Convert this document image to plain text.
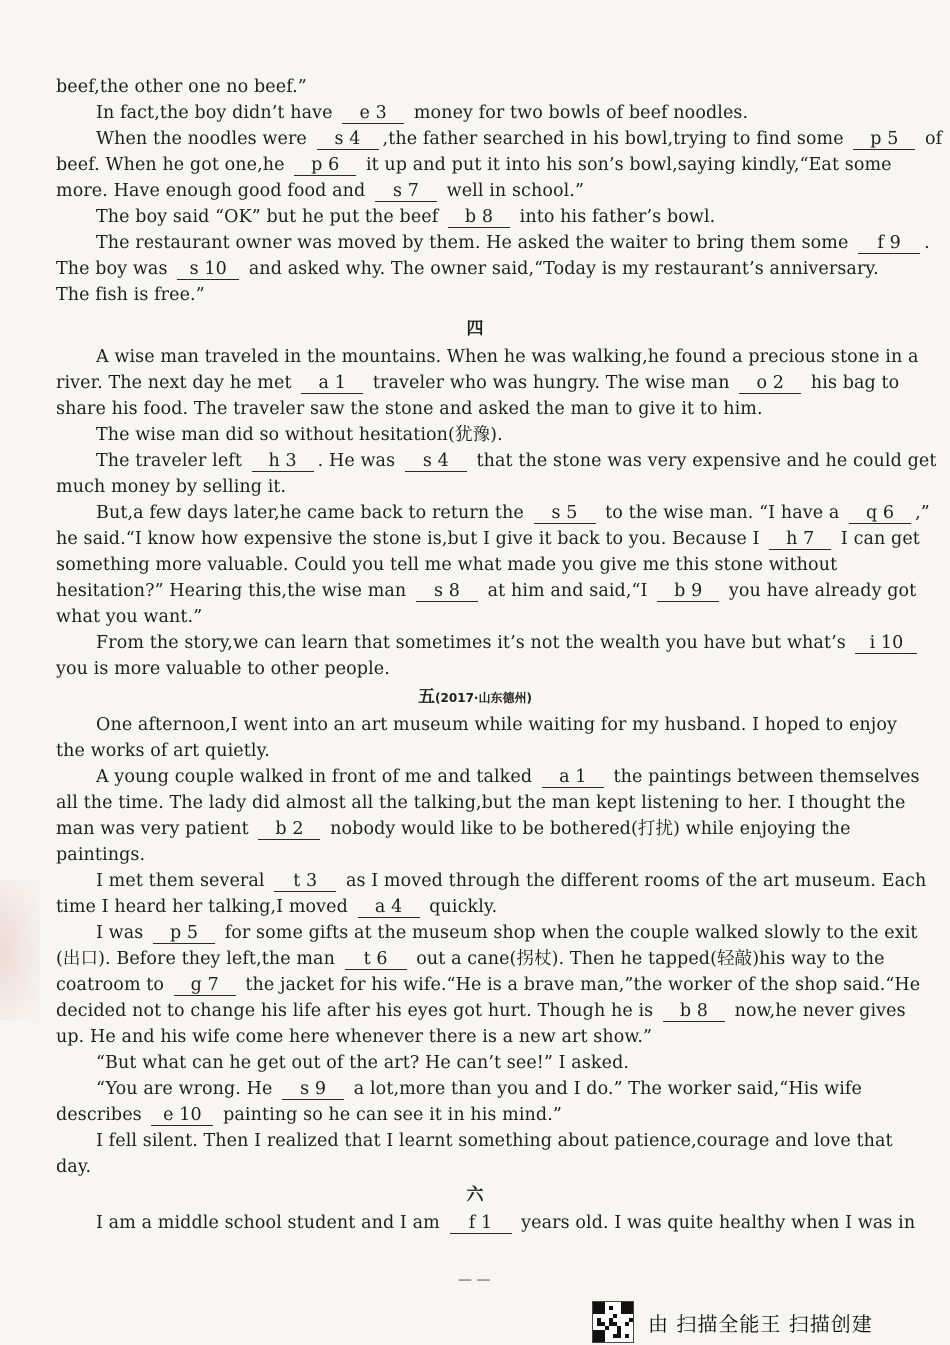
beef,the other one no beef.”
In fact,the boy didn’t have e 3 money for two bowls of beef noodles.
When the noodles were s 4 ,the father searched in his bowl,trying to find some p 5 of
beef. When he got one,he p 6 it up and put it into his son’s bowl,saying kindly,“Eat some
more. Have enough good food and s 7 well in school.”
The boy said “OK” but he put the beef b 8 into his father’s bowl.
The restaurant owner was moved by them. He asked the waiter to bring them some f 9 .
The boy was s 10 and asked why. The owner said,“Today is my restaurant’s anniversary.
The fish is free.”
四
A wise man traveled in the mountains. When he was walking,he found a precious stone in a
river. The next day he met a 1 traveler who was hungry. The wise man o 2 his bag to
share his food. The traveler saw the stone and asked the man to give it to him.
The wise man did so without hesitation(犹豫).
The traveler left h 3 . He was s 4 that the stone was very expensive and he could get
much money by selling it.
But,a few days later,he came back to return the s 5 to the wise man. “I have a q 6 ,”
he said.“I know how expensive the stone is,but I give it back to you. Because I h 7 I can get
something more valuable. Could you tell me what made you give me this stone without
hesitation?” Hearing this,the wise man s 8 at him and said,“I b 9 you have already got
what you want.”
From the story,we can learn that sometimes it’s not the wealth you have but what’s i 10
you is more valuable to other people.
五(2017·山东德州)
One afternoon,I went into an art museum while waiting for my husband. I hoped to enjoy
the works of art quietly.
A young couple walked in front of me and talked a 1 the paintings between themselves
all the time. The lady did almost all the talking,but the man kept listening to her. I thought the
man was very patient b 2 nobody would like to be bothered(打扰) while enjoying the
paintings.
I met them several t 3 as I moved through the different rooms of the art museum. Each
time I heard her talking,I moved a 4 quickly.
I was p 5 for some gifts at the museum shop when the couple walked slowly to the exit
(出口). Before they left,the man t 6 out a cane(拐杖). Then he tapped(轻敲)his way to the
coatroom to g 7 the jacket for his wife.“He is a brave man,”the worker of the shop said.“He
decided not to change his life after his eyes got hurt. Though he is b 8 now,he never gives
up. He and his wife come here whenever there is a new art show.”
“But what can he get out of the art? He can’t see!” I asked.
“You are wrong. He s 9 a lot,more than you and I do.” The worker said,“His wife
describes e 10 painting so he can see it in his mind.”
I fell silent. Then I realized that I learnt something about patience,courage and love that
day.
六
I am a middle school student and I am f 1 years old. I was quite healthy when I was in
— —
由 扫描全能王 扫描创建
